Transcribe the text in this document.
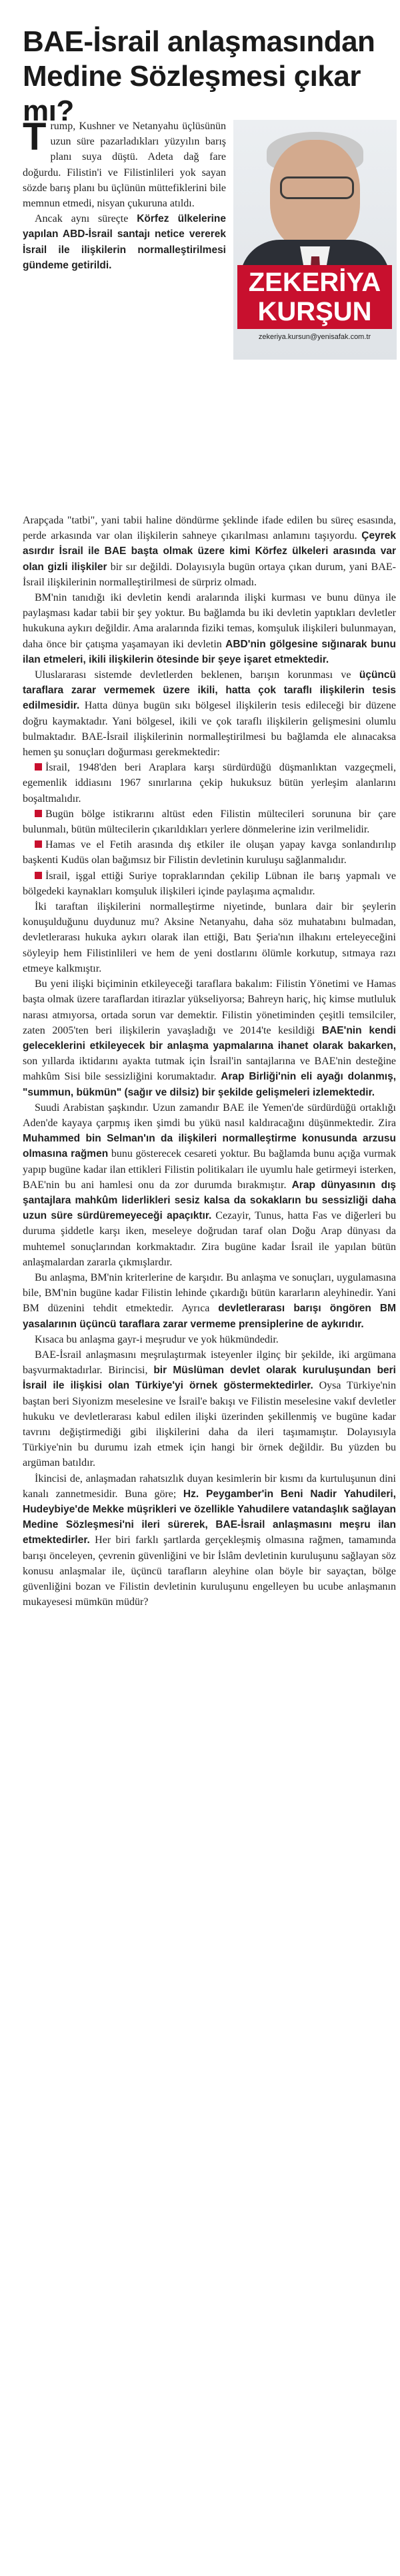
BAE-İsrail anlaşmasından Medine Sözleşmesi çıkar mı?
ZEKERİYA
KURŞUN
zekeriya.kursun@yenisafak.com.tr

Trump, Kushner ve Netanyahu üçlüsünün uzun süre pazarladıkları yüzyılın barış planı suya düştü. Adeta dağ fare doğurdu. Filistin'i ve Filistinlileri yok sayan sözde barış planı bu üçlünün müttefiklerini bile memnun etmedi, nisyan çukuruna atıldı.

Ancak aynı süreçte Körfez ülkelerine yapılan ABD-İsrail santajı netice vererek İsrail ile ilişkilerin normalleştirilmesi gündeme getirildi.

Arapçada "tatbi", yani tabii haline döndürme şeklinde ifade edilen bu süreç esasında, perde arkasında var olan ilişkilerin sahneye çıkarılması anlamını taşıyordu. Çeyrek asırdır İsrail ile BAE başta olmak üzere kimi Körfez ülkeleri arasında var olan gizli ilişkiler bir sır değildi. Dolayısıyla bugün ortaya çıkan durum, yani BAE-İsrail ilişkilerinin normalleştirilmesi de sürpriz olmadı.

BM'nin tanıdığı iki devletin kendi aralarında ilişki kurması ve bunu dünya ile paylaşması kadar tabii bir şey yoktur. Bu bağlamda bu iki devletin yaptıkları devletler hukukuna aykırı değildir. Ama aralarında fiziki temas, komşuluk ilişkileri bulunmayan, daha önce bir çatışma yaşamayan iki devletin ABD'nin gölgesine sığınarak bunu ilan etmeleri, ikili ilişkilerin ötesinde bir şeye işaret etmektedir.

Uluslararası sistemde devletlerden beklenen, barışın korunması ve üçüncü taraflara zarar vermemek üzere ikili, hatta çok taraflı ilişkilerin tesis edilmesidir. Hatta dünya bugün sıkı bölgesel ilişkilerin tesis edileceği bir düzene doğru kaymaktadır. Yani bölgesel, ikili ve çok taraflı ilişkilerin gelişmesini olumlu bulmaktadır. BAE-İsrail ilişkilerinin normalleştirilmesi bu bağlamda ele alınacaksa hemen şu sonuçları doğurması gerekmektedir:

İsrail, 1948'den beri Araplara karşı sürdürdüğü düşmanlıktan vazgeçmeli, egemenlik iddiasını 1967 sınırlarına çekip hukuksuz bütün yerleşim alanlarını boşaltmalıdır.

Bugün bölge istikrarını altüst eden Filistin mültecileri sorununa bir çare bulunmalı, bütün mültecilerin çıkarıldıkları yerlere dönmelerine izin verilmelidir.

Hamas ve el Fetih arasında dış etkiler ile oluşan yapay kavga sonlandırılıp başkenti Kudüs olan bağımsız bir Filistin devletinin kuruluşu sağlanmalıdır.

İsrail, işgal ettiği Suriye topraklarından çekilip Lübnan ile barış yapmalı ve bölgedeki kaynakları komşuluk ilişkileri içinde paylaşıma açmalıdır.

İki taraftan ilişkilerini normalleştirme niyetinde, bunlara dair bir şeylerin konuşulduğunu duydunuz mu? Aksine Netanyahu, daha söz muhatabını bulmadan, devletlerarası hukuka aykırı olarak ilan ettiği, Batı Şeria'nın ilhakını erteleyeceğini söyleyip hem Filistinlileri ve hem de yeni dostlarını ölümle korkutup, sıtmaya razı etmeye kalkmıştır.

Bu yeni ilişki biçiminin etkileyeceği taraflara bakalım: Filistin Yönetimi ve Hamas başta olmak üzere taraflardan itirazlar yükseliyorsa; Bahreyn hariç, hiç kimse mutluluk narası atmıyorsa, ortada sorun var demektir. Filistin yönetiminden çeşitli temsilciler, zaten 2005'ten beri ilişkilerin yavaşladığı ve 2014'te kesildiği BAE'nin kendi geleceklerini etkileyecek bir anlaşma yapmalarına ihanet olarak bakarken, son yıllarda iktidarını ayakta tutmak için İsrail'in santajlarına ve BAE'nin desteğine mahkûm Sisi bile sessizliğini korumaktadır. Arap Birliği'nin eli ayağı dolanmış, "summun, bükmün" (sağır ve dilsiz) bir şekilde gelişmeleri izlemektedir.

Suudi Arabistan şaşkındır. Uzun zamandır BAE ile Yemen'de sürdürdüğü ortaklığı Aden'de kayaya çarpmış iken şimdi bu yükü nasıl kaldıracağını düşünmektedir. Zira Muhammed bin Selman'ın da ilişkileri normalleştirme konusunda arzusu olmasına rağmen bunu gösterecek cesareti yoktur. Bu bağlamda bunu açığa vurmak yapıp bugüne kadar ilan ettikleri Filistin politikaları ile uyumlu hale getirmeyi isterken, BAE'nin bu ani hamlesi onu da zor durumda bırakmıştır. Arap dünyasının dış şantajlara mahkûm liderlikleri sesiz kalsa da sokakların bu sessizliği daha uzun süre sürdüremeyeceği apaçıktır. Cezayir, Tunus, hatta Fas ve diğerleri bu duruma şiddetle karşı iken, meseleye doğrudan taraf olan Doğu Arap dünyası da muhtemel sonuçlarından korkmaktadır. Zira bugüne kadar İsrail ile yapılan bütün anlaşmalardan zararla çıkmışlardır.

Bu anlaşma, BM'nin kriterlerine de karşıdır. Bu anlaşma ve sonuçları, uygulamasına bile, BM'nin bugüne kadar Filistin lehinde çıkardığı bütün kararların aleyhinedir. Yani BM düzenini tehdit etmektedir. Ayrıca devletlerarası barışı öngören BM yasalarının üçüncü taraflara zarar vermeme prensiplerine de aykırıdır.

Kısaca bu anlaşma gayr-i meşrudur ve yok hükmündedir.

BAE-İsrail anlaşmasını meşrulaştırmak isteyenler ilginç bir şekilde, iki argümana başvurmaktadırlar. Birincisi, bir Müslüman devlet olarak kuruluşundan beri İsrail ile ilişkisi olan Türkiye'yi örnek göstermektedirler. Oysa Türkiye'nin baştan beri Siyonizm meselesine ve İsrail'e bakışı ve Filistin meselesine vakıf devletler hukuku ve devletlerarası kabul edilen ilişki üzerinden şekillenmiş ve bugüne kadar tavrını değiştirmediği gibi ilişkilerini daha da ileri taşımamıştır. Dolayısıyla Türkiye'nin bu durumu izah etmek için hangi bir örnek değildir. Bu yüzden bu argüman batıldır.

İkincisi de, anlaşmadan rahatsızlık duyan kesimlerin bir kısmı da kurtuluşunun dini kanalı zannetmesidir. Buna göre; Hz. Peygamber'in Beni Nadir Yahudileri, Hudeybiye'de Mekke müşrikleri ve özellikle Yahudilere vatandaşlık sağlayan Medine Sözleşmesi'ni ileri sürerek, BAE-İsrail anlaşmasını meşru ilan etmektedirler. Her biri farklı şartlarda gerçekleşmiş olmasına rağmen, tamamında barışı önceleyen, çevrenin güvenliğini ve bir İslâm devletinin kuruluşunu sağlayan söz konusu anlaşmalar ile, üçüncü tarafların aleyhine olan böyle bir sayaçtan, bölge güvenliğini bozan ve Filistin devletinin kuruluşunu engelleyen bu ucube anlaşmanın mukayesesi mümkün müdür?
